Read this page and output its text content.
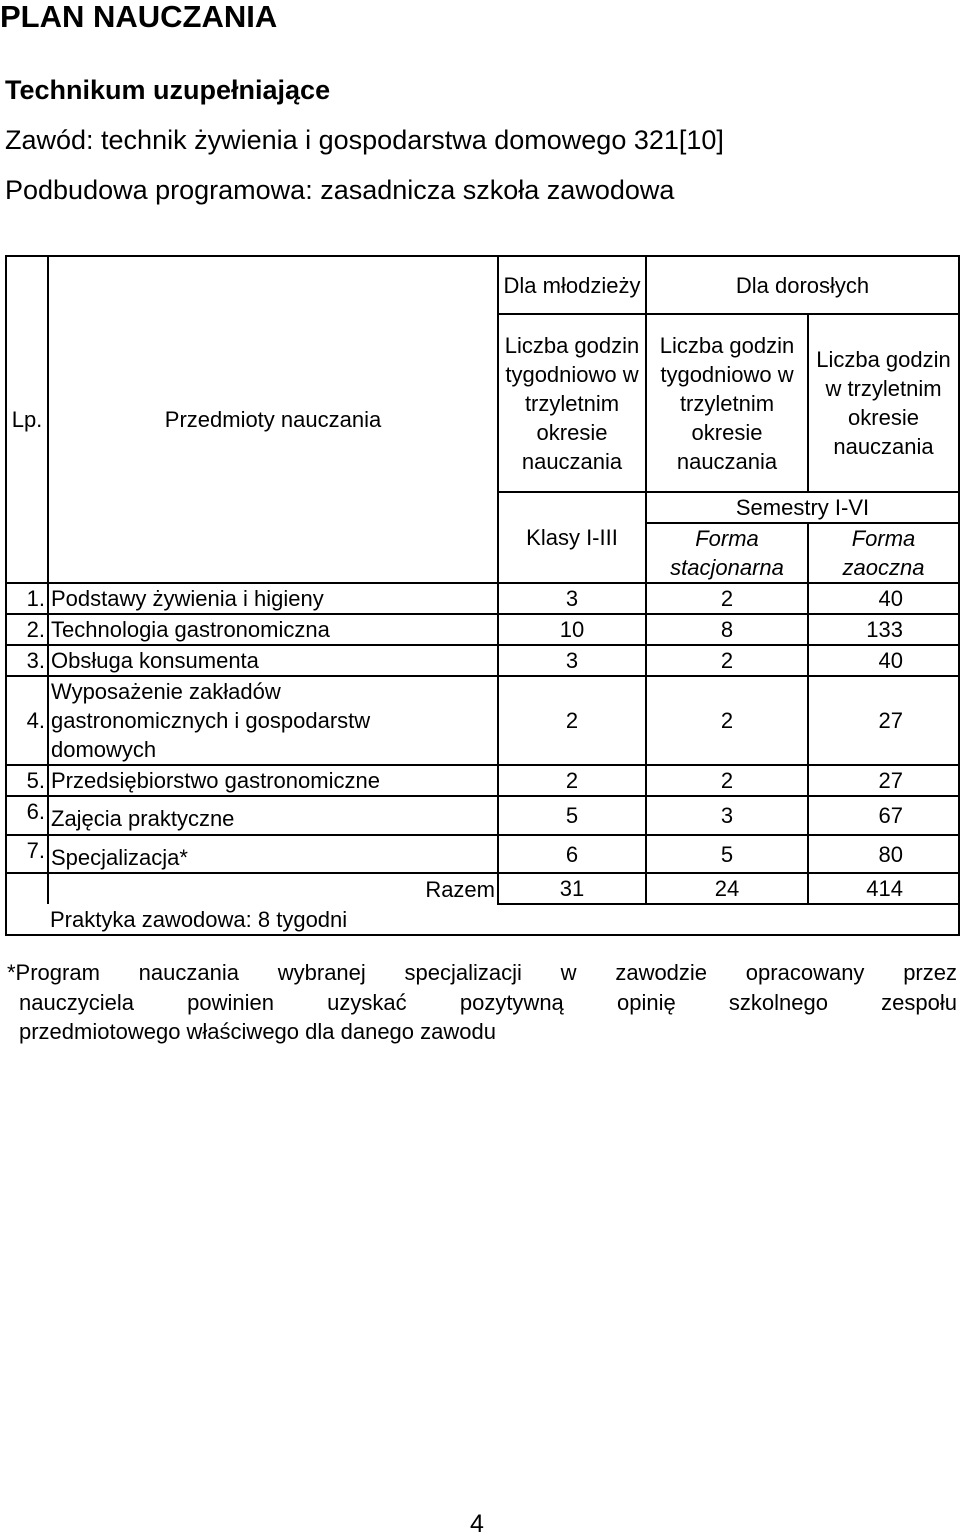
PLAN NAUCZANIA
Technikum uzupełniające
Zawód: technik żywienia i gospodarstwa domowego 321[10]
Podbudowa programowa: zasadnicza szkoła zawodowa
Lp.	Przedmioty nauczania	Dla młodzieży	Dla dorosłych	
		Liczba godzin tygodniowo w trzyletnim okresie nauczania	Liczba godzin tygodniowo w trzyletnim okresie nauczania	Liczba godzin w trzyletnim okresie nauczania
		Klasy I-III	Semestry I-VI	
			Forma stacjonarna	Forma zaoczna
1.	Podstawy żywienia i higieny	3	2	40
2.	Technologia gastronomiczna	10	8	133
3.	Obsługa konsumenta	3	2	40
4.	Wyposażenie zakładów gastronomicznych i gospodarstw domowych	2	2	27
5.	Przedsiębiorstwo gastronomiczne	2	2	27
6.	Zajęcia praktyczne	5	3	67
7.	Specjalizacja*	6	5	80
	Razem	31	24	414
	Praktyka zawodowa: 8 tygodni			
*Program nauczania wybranej specjalizacji w zawodzie opracowany przez
nauczyciela powinien uzyskać pozytywną opinię szkolnego zespołu
przedmiotowego właściwego dla danego zawodu
4
